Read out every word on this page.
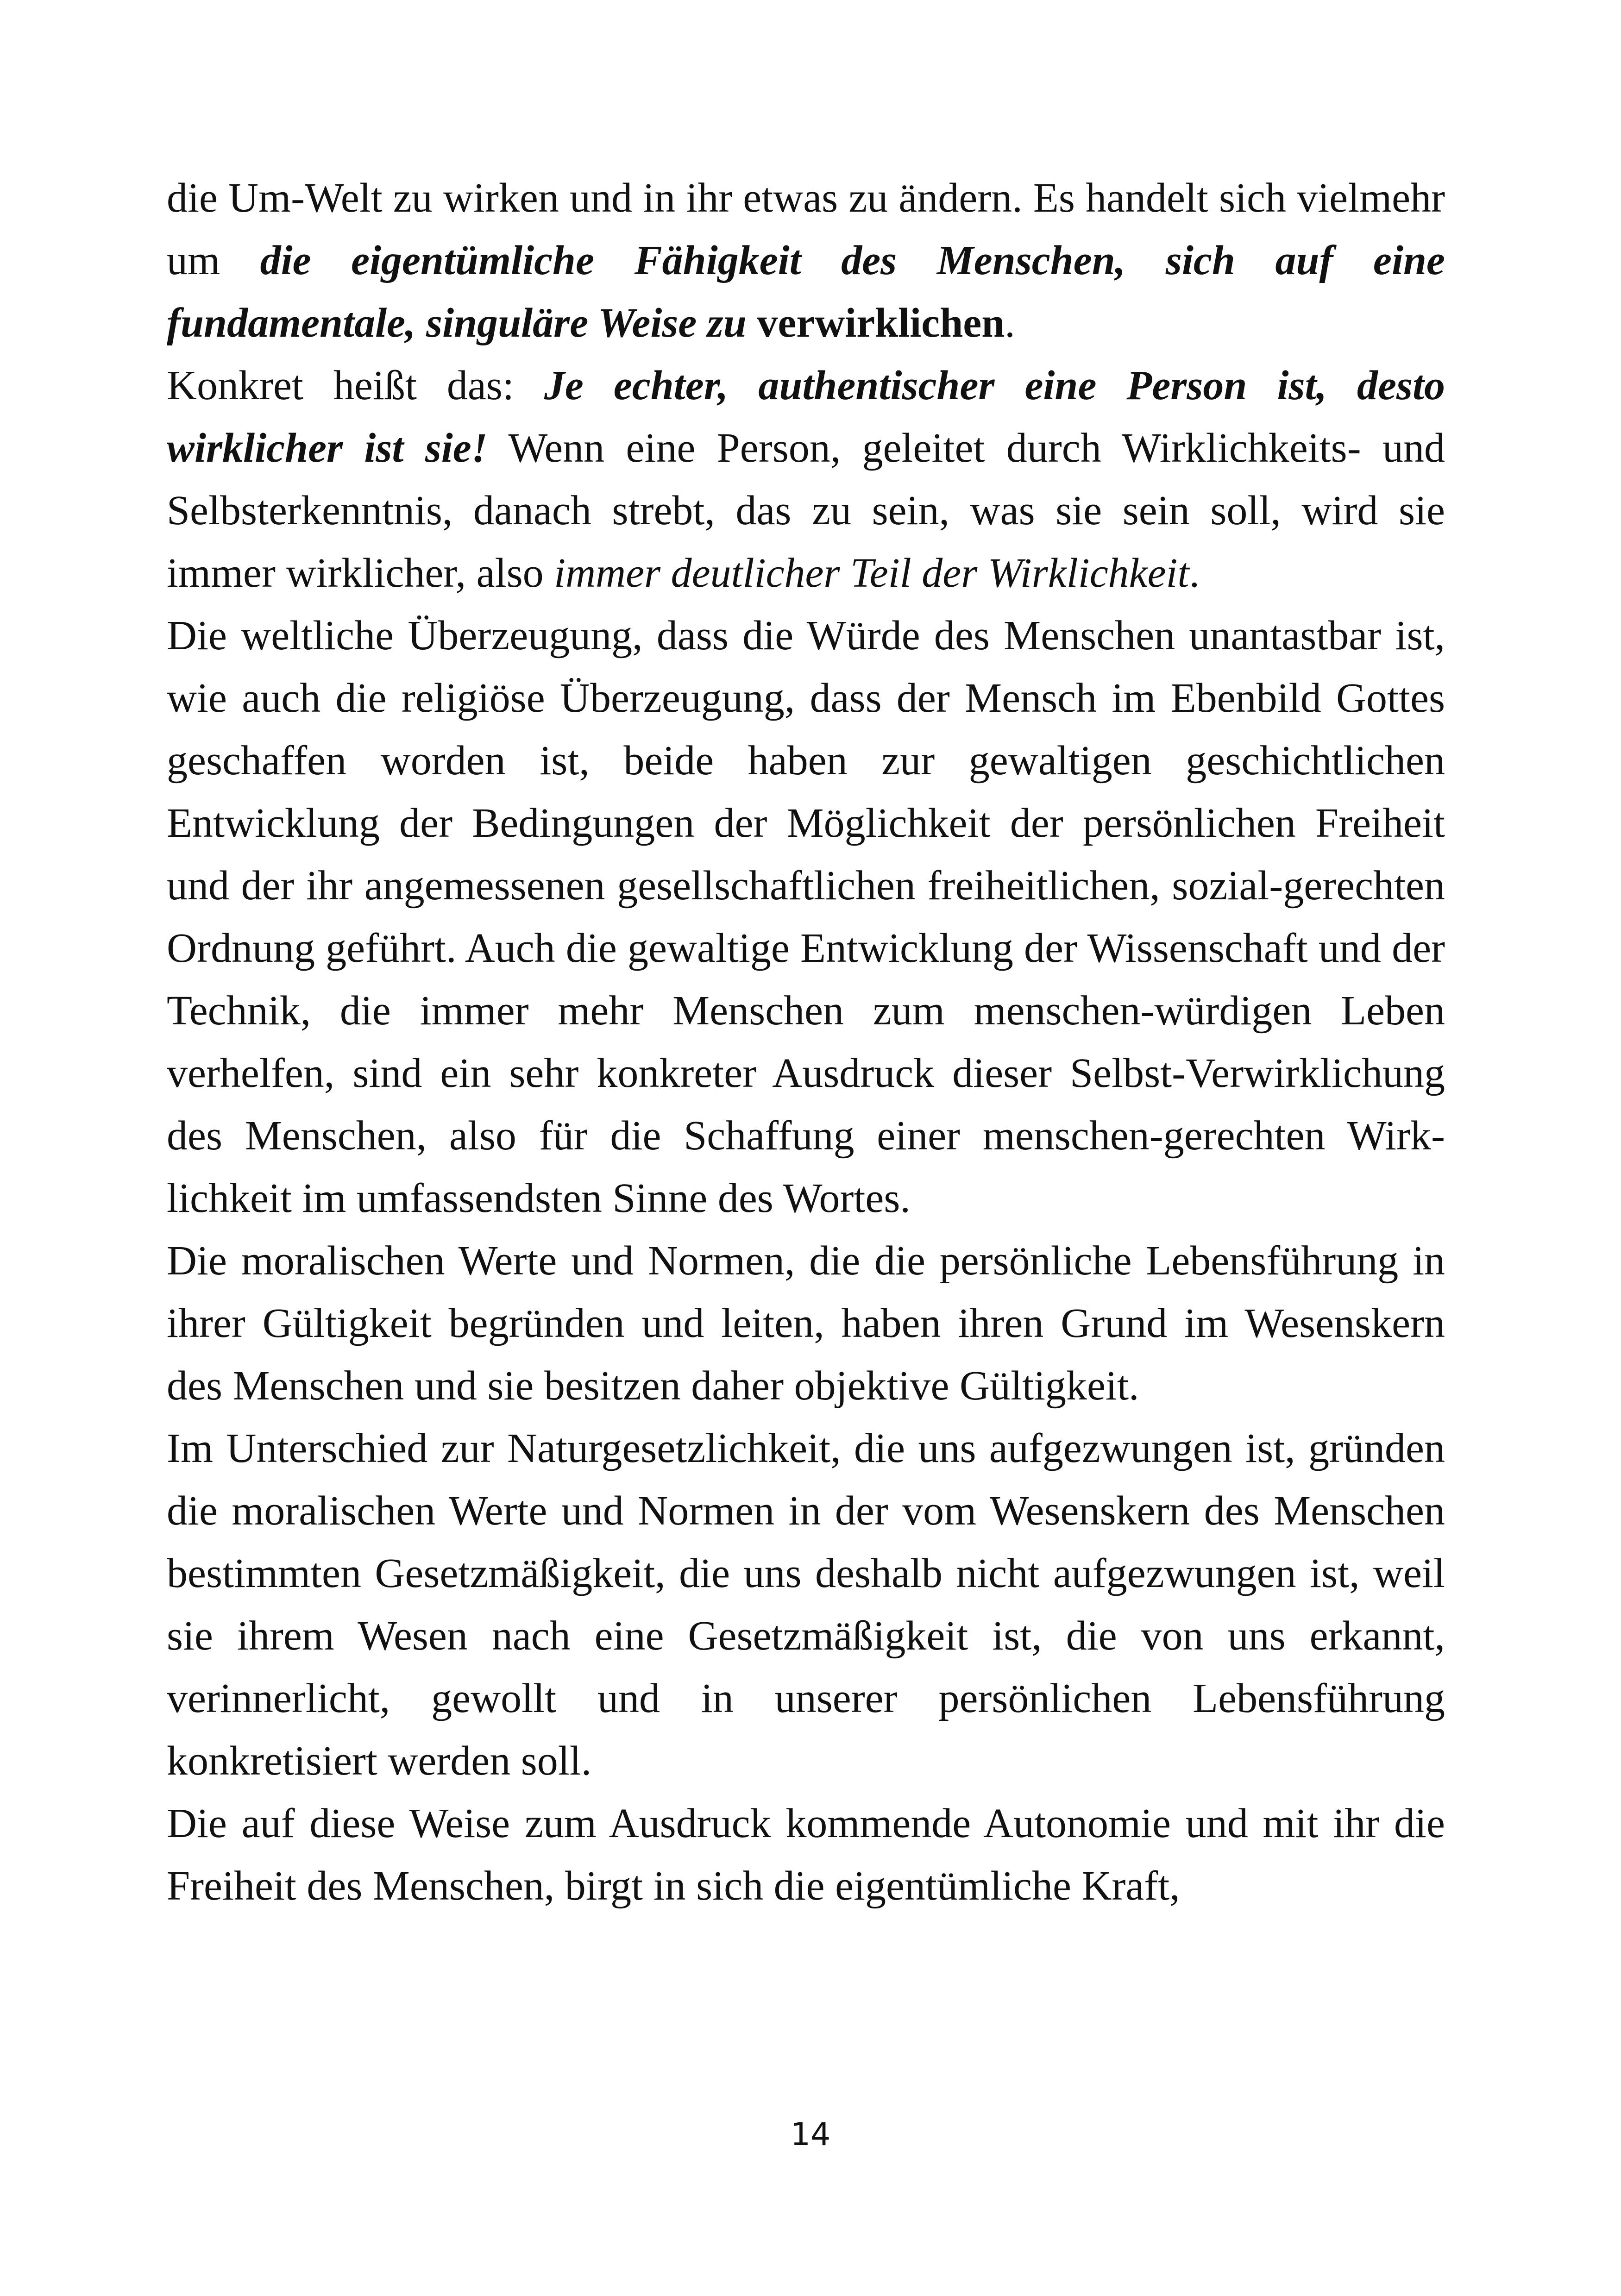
die Um-Welt zu wirken und in ihr etwas zu ändern. Es handelt sich vielmehr um die eigentümliche Fähigkeit des Menschen, sich auf eine fundamentale, singuläre Weise zu verwirklichen.

Konkret heißt das: Je echter, authentischer eine Person ist, desto wirklicher ist sie! Wenn eine Person, geleitet durch Wirklichkeits- und Selbsterkenntnis, danach strebt, das zu sein, was sie sein soll, wird sie immer wirklicher, also immer deutlicher Teil der Wirklichkeit.

Die weltliche Überzeugung, dass die Würde des Menschen unantastbar ist, wie auch die religiöse Überzeugung, dass der Mensch im Ebenbild Gottes geschaffen worden ist, beide haben zur gewaltigen geschichtlichen Entwicklung der Bedingungen der Möglichkeit der persönlichen Freiheit und der ihr angemessenen gesellschaftlichen freiheitlichen, sozial-gerechten Ordnung geführt. Auch die gewaltige Entwicklung der Wissenschaft und der Technik, die immer mehr Menschen zum menschen-würdigen Leben verhelfen, sind ein sehr konkreter Ausdruck dieser Selbst-Verwirklichung des Menschen, also für die Schaffung einer menschen-gerechten Wirklichkeit im umfassendsten Sinne des Wortes.

Die moralischen Werte und Normen, die die persönliche Lebensführung in ihrer Gültigkeit begründen und leiten, haben ihren Grund im Wesenskern des Menschen und sie besitzen daher objektive Gültigkeit.

Im Unterschied zur Naturgesetzlichkeit, die uns aufgezwungen ist, gründen die moralischen Werte und Normen in der vom Wesenskern des Menschen bestimmten Gesetzmäßigkeit, die uns deshalb nicht aufgezwungen ist, weil sie ihrem Wesen nach eine Gesetzmäßigkeit ist, die von uns erkannt, verinnerlicht, gewollt und in unserer persönlichen Lebensführung konkretisiert werden soll.

Die auf diese Weise zum Ausdruck kommende Autonomie und mit ihr die Freiheit des Menschen, birgt in sich die eigentümliche Kraft,

14
